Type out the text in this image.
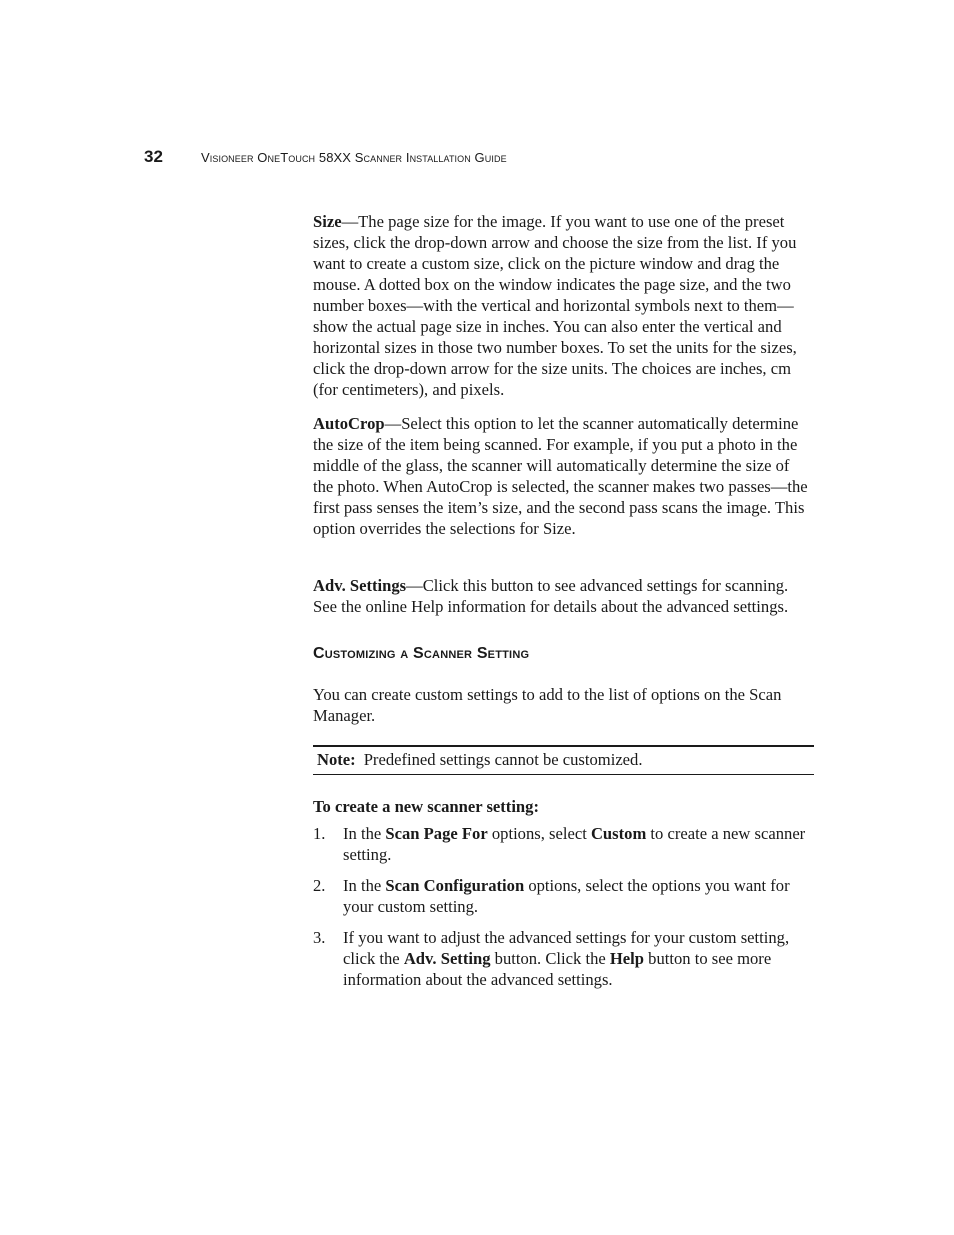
32	Visioneer OneTouch 58XX Scanner Installation Guide

Size—The page size for the image. If you want to use one of the preset sizes, click the drop-down arrow and choose the size from the list. If you want to create a custom size, click on the picture window and drag the mouse. A dotted box on the window indicates the page size, and the two number boxes—with the vertical and horizontal symbols next to them—show the actual page size in inches. You can also enter the vertical and horizontal sizes in those two number boxes. To set the units for the sizes, click the drop-down arrow for the size units. The choices are inches, cm (for centimeters), and pixels.

AutoCrop—Select this option to let the scanner automatically determine the size of the item being scanned. For example, if you put a photo in the middle of the glass, the scanner will automatically determine the size of the photo. When AutoCrop is selected, the scanner makes two passes—the first pass senses the item’s size, and the second pass scans the image. This option overrides the selections for Size.

Adv. Settings—Click this button to see advanced settings for scanning. See the online Help information for details about the advanced settings.

Customizing a Scanner Setting

You can create custom settings to add to the list of options on the Scan Manager.

Note: Predefined settings cannot be customized.
To create a new scanner setting:
1. In the Scan Page For options, select Custom to create a new scanner setting.
2. In the Scan Configuration options, select the options you want for your custom setting.
3. If you want to adjust the advanced settings for your custom setting, click the Adv. Setting button. Click the Help button to see more information about the advanced settings.
